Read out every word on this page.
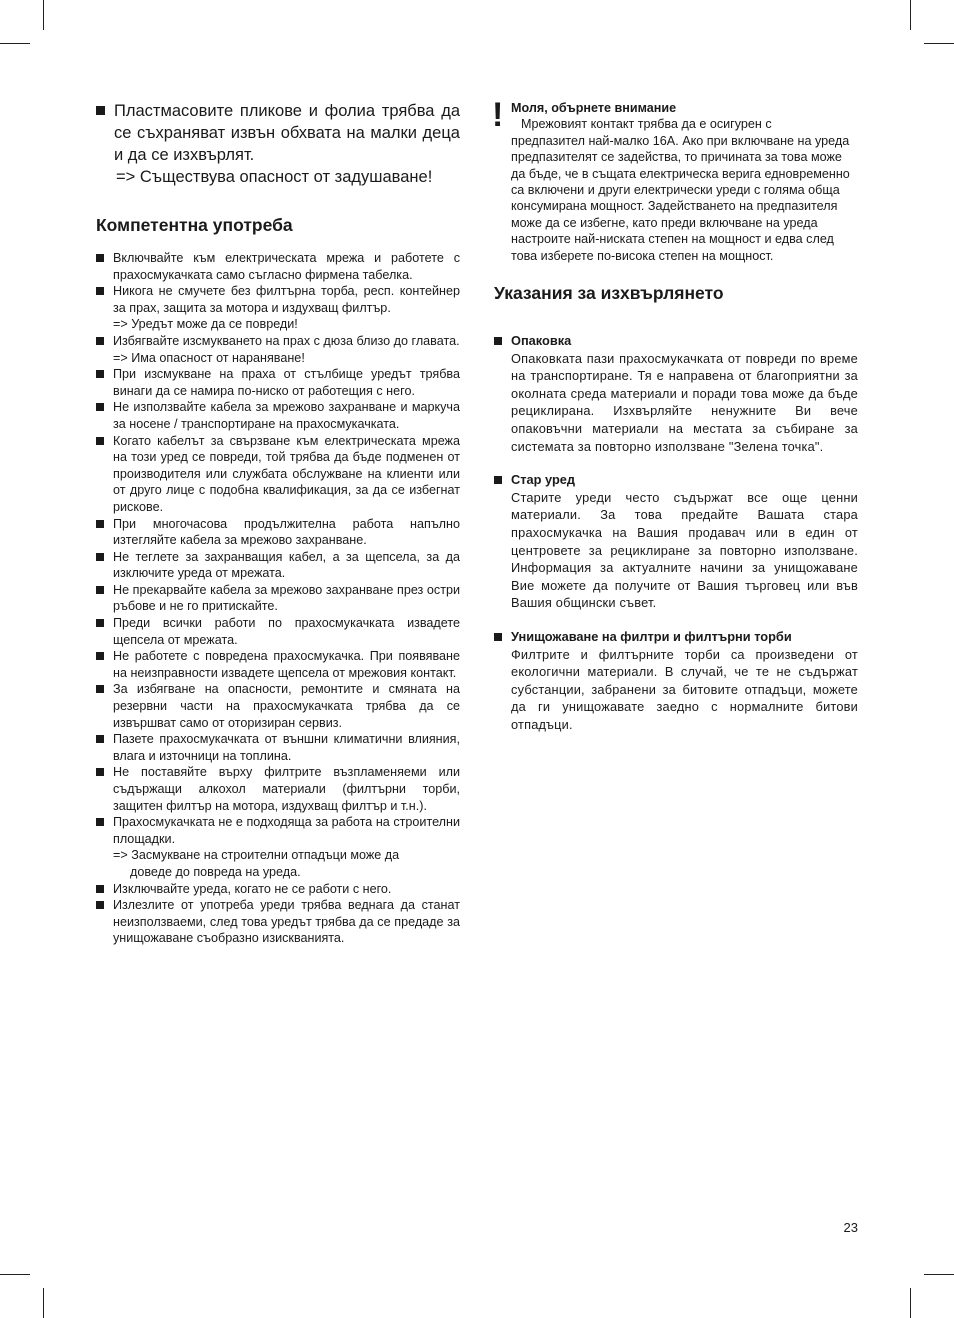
Пластмасовите пликове и фолиа трябва да се съхраняват извън обхвата на малки деца и да се изхвърлят.

=> Съществува опасност от задушаване!
Компетентна употреба

Включвайте към електрическата мрежа и работете с прахосмукачката само съгласно фирмена табелка.

Никога не смучете без филтърна торба, респ. контейнер за прах, защита за мотора и издухващ филтър.

=> Уредът може да се повреди!

Избягвайте изсмукването на прах с дюза близо до главата.

=> Има опасност от нараняване!

При изсмукване на праха от стълбище уредът трябва винаги да се намира по-ниско от работещия с него.

Не използвайте кабела за мрежово захранване и маркуча за носене / транспортиране на прахосмукачката.

Когато кабелът за свързване към електрическата мрежа на този уред се повреди, той трябва да бъде подменен от производителя или службата обслужване на клиенти или от друго лице с подобна квалификация, за да се избегнат рисковe.

При многочасова продължителна работа напълно изтегляйте кабела за мрежово захранване.

Не теглете за захранващия кабел, а за щепсела, за да изключите уреда от мрежата.

Не прекарвайте кабела за мрежово захранване през остри ръбове и не го притискайте.

Преди всички работи по прахосмукачката извадете щепсела от мрежата.

Не работете с повредена прахосмукачка. При появяване на неизправности извадете щепсела от мрежовия контакт.

За избягване на опасности, ремонтите и смяната на резервни части на прахосмукачката трябва да се извършват само от оторизиран сервиз.

Пазете прахосмукачката от външни климатични влияния, влага и източници на топлина.

Не поставяйте върху филтрите възпламеняеми или съдържащи алкохол материали (филтърни торби, защитен филтър на мотора, издухващ филтър и т.н.).

Прахосмукачката не е подходяща за работа на строителни площадки.

=> Засмукване на строителни отпадъци може да
доведе до повреда на уреда.

Изключвайте уреда, когато не се работи с него.

Излезлите от употреба уреди трябва веднага да станат неизползваеми, след това уредът трябва да се предаде за унищожаване съобразно изискванията.

! Моля, обърнете внимание
Мрежовият контакт трябва да е осигурен с

предпазител най-малко 16A. Ако при включване на уреда предпазителят се задейства, то причината за това може да бъде, че в същата електрическа верига едновременно са включени и други електрически уреди с голяма обща консумирана мощност. Задействането на предпазителя може да се избегне, като преди включване на уреда настроите най-ниската степен на мощност и едва след това изберете по-висока степен на мощност.

Указания за изхвърлянето
Опаковка
Опаковката пази прахосмукачката от повреди по време на транспортиране. Тя е направена от благоприятни за околната среда материали и поради това може да бъде рециклирана. Изхвърляйте ненужните Ви вече опаковъчни материали на местата за събиране за системата за повторно използване "Зелена точка".
Стар уред
Старите уреди често съдържат все още ценни материали. За това предайте Вашата стара прахосмукачка на Вашия продавач или в един от центровете за рециклиране за повторно използване. Информация за актуалните начини за унищожаване Вие можете да получите от Вашия търговец или във Вашия общински съвет.
Унищожаване на филтри и филтърни торби
Филтрите и филтърните торби са произведени от екологични материали. В случай, че те не съдържат субстанции, забранени за битовите отпадъци, можете да ги унищожавате заедно с нормалните битови отпадъци.
23
